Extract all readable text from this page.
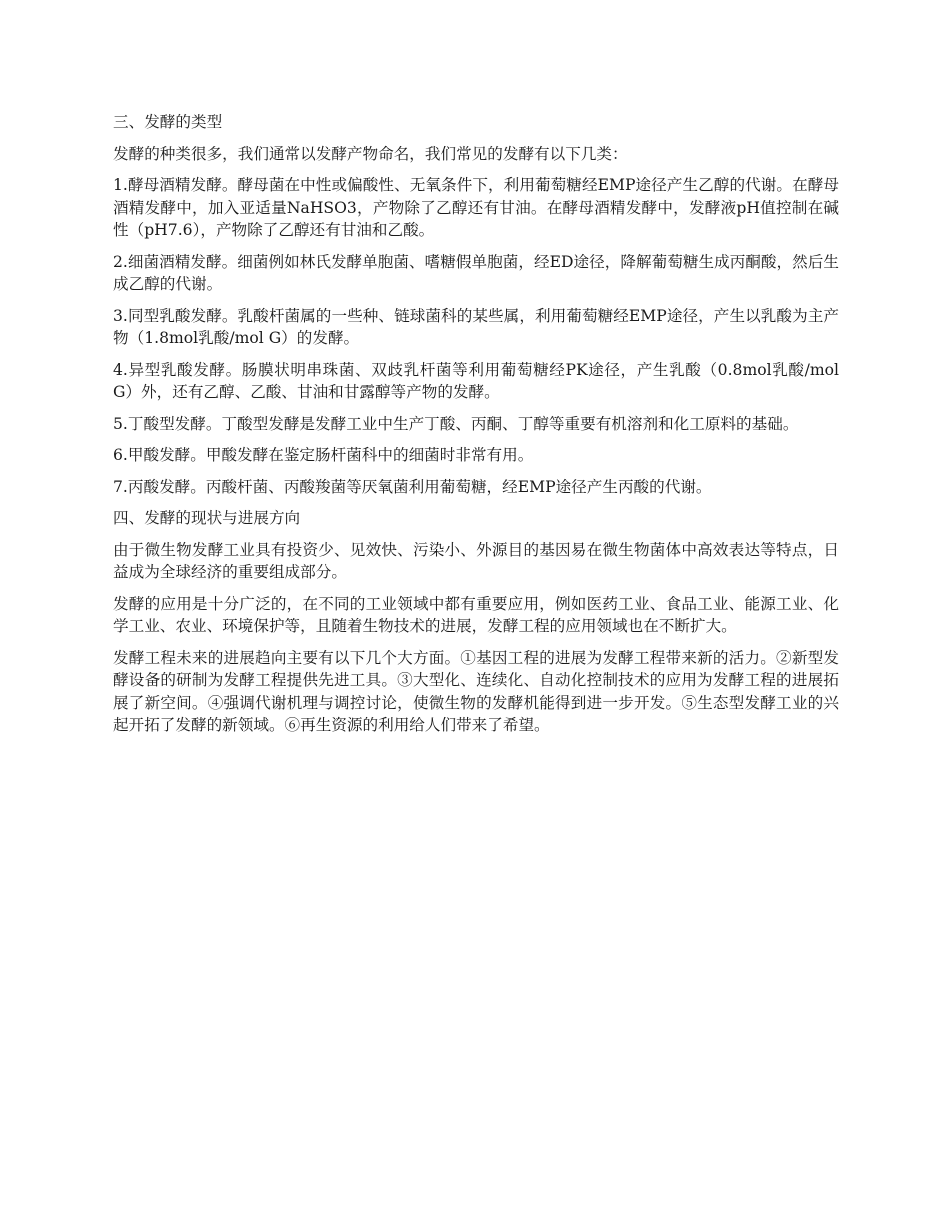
三、发酵的类型

发酵的种类很多，我们通常以发酵产物命名，我们常见的发酵有以下几类：

1.酵母酒精发酵。酵母菌在中性或偏酸性、无氧条件下，利用葡萄糖经EMP途径产生乙醇的代谢。在酵母酒精发酵中，加入亚适量NaHSO3，产物除了乙醇还有甘油。在酵母酒精发酵中，发酵液pH值控制在碱性（pH7.6），产物除了乙醇还有甘油和乙酸。

2.细菌酒精发酵。细菌例如林氏发酵单胞菌、嗜糖假单胞菌，经ED途径，降解葡萄糖生成丙酮酸，然后生成乙醇的代谢。

3.同型乳酸发酵。乳酸杆菌属的一些种、链球菌科的某些属，利用葡萄糖经EMP途径，产生以乳酸为主产物（1.8mol乳酸/mol G）的发酵。

4.异型乳酸发酵。肠膜状明串珠菌、双歧乳杆菌等利用葡萄糖经PK途径，产生乳酸（0.8mol乳酸/mol G）外，还有乙醇、乙酸、甘油和甘露醇等产物的发酵。

5.丁酸型发酵。丁酸型发酵是发酵工业中生产丁酸、丙酮、丁醇等重要有机溶剂和化工原料的基础。

6.甲酸发酵。甲酸发酵在鉴定肠杆菌科中的细菌时非常有用。

7.丙酸发酵。丙酸杆菌、丙酸羧菌等厌氧菌利用葡萄糖，经EMP途径产生丙酸的代谢。

四、发酵的现状与进展方向

由于微生物发酵工业具有投资少、见效快、污染小、外源目的基因易在微生物菌体中高效表达等特点，日益成为全球经济的重要组成部分。

发酵的应用是十分广泛的，在不同的工业领域中都有重要应用，例如医药工业、食品工业、能源工业、化学工业、农业、环境保护等，且随着生物技术的进展，发酵工程的应用领域也在不断扩大。

发酵工程未来的进展趋向主要有以下几个大方面。①基因工程的进展为发酵工程带来新的活力。②新型发酵设备的研制为发酵工程提供先进工具。③大型化、连续化、自动化控制技术的应用为发酵工程的进展拓展了新空间。④强调代谢机理与调控讨论，使微生物的发酵机能得到进一步开发。⑤生态型发酵工业的兴起开拓了发酵的新领域。⑥再生资源的利用给人们带来了希望。
